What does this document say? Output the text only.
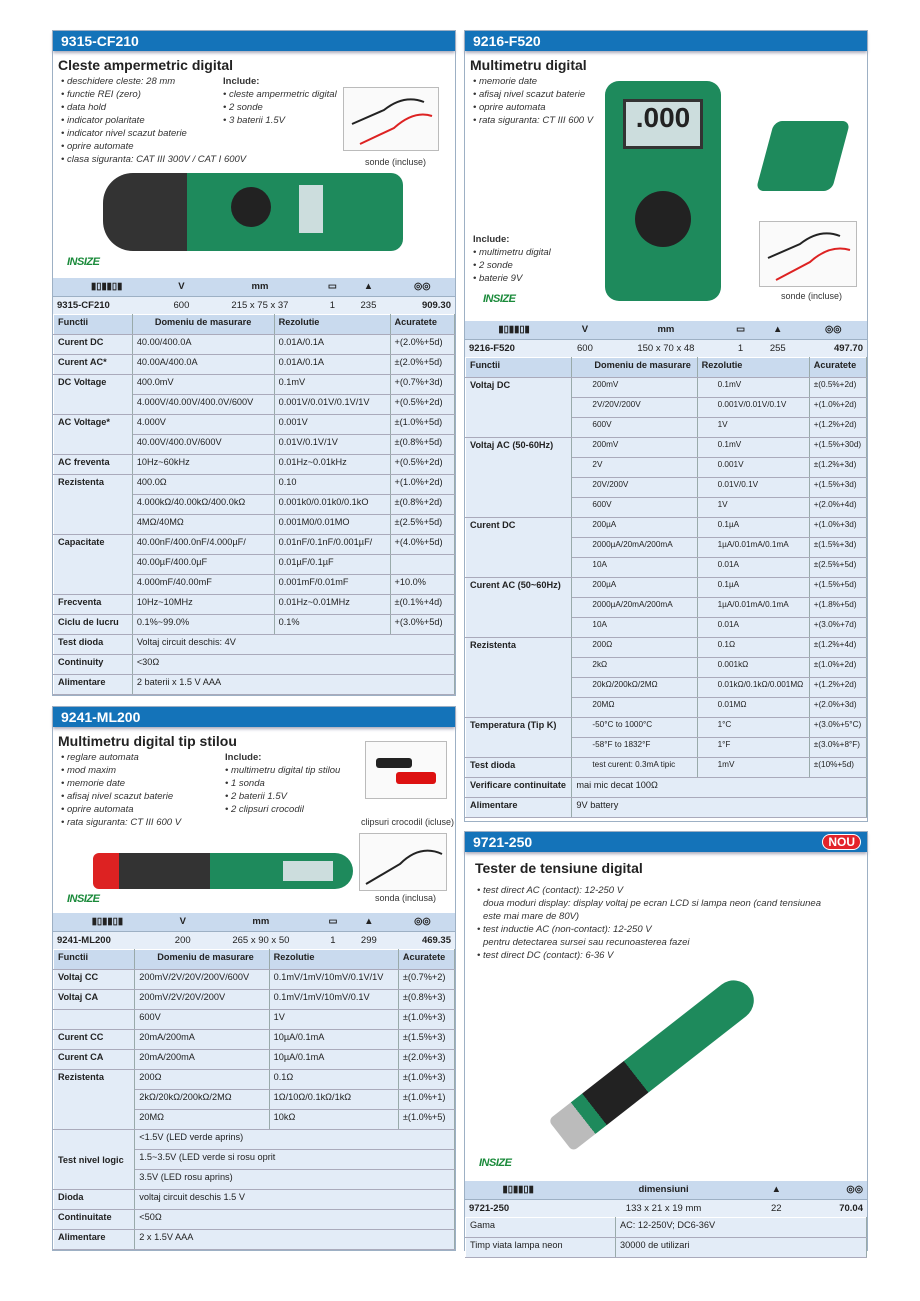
9315-CF210
Cleste ampermetric digital
• deschidere cleste: 28 mm
• functie REI (zero)
• data hold
• indicator polaritate
• indicator nivel scazut baterie
• oprire automate
• clasa siguranta: CAT III 300V / CAT I 600V
Include:
• cleste ampermetric digital
• 2 sonde
• 3 baterii 1.5V
sonde (incluse)
INSIZE
▮▯▮▮▯▮	V	mm	▭	▲	◎◎
9315-CF210	600	215 x 75 x 37	1	235	909.30
Functii	Domeniu de masurare	Rezolutie	Acuratete
Curent DC	40.00/400.0A	0.01A/0.1A	+(2.0%+5d)
Curent AC*	40.00A/400.0A	0.01A/0.1A	±(2.0%+5d)
DC Voltage	400.0mV	0.1mV	+(0.7%+3d)
	4.000V/40.00V/400.0V/600V	0.001V/0.01V/0.1V/1V	+(0.5%+2d)
AC Voltage*	4.000V	0.001V	±(1.0%+5d)
	40.00V/400.0V/600V	0.01V/0.1V/1V	±(0.8%+5d)
AC freventa	10Hz~60kHz	0.01Hz~0.01kHz	+(0.5%+2d)
Rezistenta	400.0Ω	0.10	+(1.0%+2d)
	4.000kΩ/40.00kΩ/400.0kΩ	0.001k0/0.01k0/0.1kO	±(0.8%+2d)
	4MΩ/40MΩ	0.001M0/0.01MO	±(2.5%+5d)
Capacitate	40.00nF/400.0nF/4.000µF/	0.01nF/0.1nF/0.001µF/	+(4.0%+5d)
	40.00µF/400.0µF	0.01µF/0.1µF	
	4.000mF/40.00mF	0.001mF/0.01mF	+10.0%
Frecventa	10Hz~10MHz	0.01Hz~0.01MHz	±(0.1%+4d)
Ciclu de lucru	0.1%~99.0%	0.1%	+(3.0%+5d)
Test dioda	Voltaj circuit deschis: 4V		
Continuity	<30Ω		
Alimentare	2 baterii x 1.5 V AAA		
9241-ML200
Multimetru digital tip stilou
• reglare automata
• mod maxim
• memorie date
• afisaj nivel scazut baterie
• oprire automata
• rata siguranta: CT III 600 V
Include:
• multimetru digital tip stilou
• 1 sonda
• 2 baterii 1.5V
• 2 clipsuri crocodil
clipsuri crocodil (icluse)
sonda (inclusa)
INSIZE
▮▯▮▮▯▮	V	mm	▭	▲	◎◎
9241-ML200	200	265 x 90 x 50	1	299	469.35
Functii	Domeniu de masurare	Rezolutie	Acuratete
Voltaj CC	200mV/2V/20V/200V/600V	0.1mV/1mV/10mV/0.1V/1V	±(0.7%+2)
Voltaj CA	200mV/2V/20V/200V	0.1mV/1mV/10mV/0.1V	±(0.8%+3)
	600V	1V	±(1.0%+3)
Curent CC	20mA/200mA	10µA/0.1mA	±(1.5%+3)
Curent CA	20mA/200mA	10µA/0.1mA	±(2.0%+3)
Rezistenta	200Ω	0.1Ω	±(1.0%+3)
	2kΩ/20kΩ/200kΩ/2MΩ	1Ω/10Ω/0.1kΩ/1kΩ	±(1.0%+1)
	20MΩ	10kΩ	±(1.0%+5)
Test nivel logic	<1.5V (LED verde aprins)		
	1.5~3.5V (LED verde si rosu oprit		
	3.5V (LED rosu aprins)		
Dioda	voltaj circuit deschis 1.5 V		
Continuitate	<50Ω		
Alimentare	2 x 1.5V AAA		
9216-F520
Multimetru digital
• memorie date
• afisaj nivel scazut baterie
• oprire automata
• rata siguranta: CT III 600 V
Include:
• multimetru digital
• 2 sonde
• baterie 9V
.000
sonde (incluse)
INSIZE
▮▯▮▮▯▮	V	mm	▭	▲	◎◎
9216-F520	600	150 x 70 x 48	1	255	497.70
Functii	Domeniu de masurare	Rezolutie	Acuratete
Voltaj DC	200mV	0.1mV	±(0.5%+2d)
	2V/20V/200V	0.001V/0.01V/0.1V	+(1.0%+2d)
	600V	1V	+(1.2%+2d)
Voltaj AC (50-60Hz)	200mV	0.1mV	+(1.5%+30d)
	2V	0.001V	±(1.2%+3d)
	20V/200V	0.01V/0.1V	+(1.5%+3d)
	600V	1V	+(2.0%+4d)
Curent DC	200µA	0.1µA	+(1.0%+3d)
	2000µA/20mA/200mA	1µA/0.01mA/0.1mA	±(1.5%+3d)
	10A	0.01A	±(2.5%+5d)
Curent AC (50~60Hz)	200µA	0.1µA	+(1.5%+5d)
	2000µA/20mA/200mA	1µA/0.01mA/0.1mA	+(1.8%+5d)
	10A	0.01A	+(3.0%+7d)
Rezistenta	200Ω	0.1Ω	±(1.2%+4d)
	2kΩ	0.001kΩ	±(1.0%+2d)
	20kΩ/200kΩ/2MΩ	0.01kΩ/0.1kΩ/0.001MΩ	+(1.2%+2d)
	20MΩ	0.01MΩ	+(2.0%+3d)
Temperatura (Tip K)	-50°C to 1000°C	1°C	+(3.0%+5°C)
	-58°F to 1832°F	1°F	±(3.0%+8°F)
Test dioda	test curent: 0.3mA tipic	1mV	±(10%+5d)
Verificare continuitate	mai mic decat 100Ω		
Alimentare	9V battery		
9721-250	NOU
Tester de tensiune digital
• test direct AC (contact): 12-250 V
doua moduri display: display voltaj pe ecran LCD si lampa neon (cand tensiunea este mai mare de 80V)
• test inductie AC (non-contact): 12-250 V
pentru detectarea sursei sau recunoasterea fazei
• test direct DC (contact): 6-36 V
INSIZE
▮▯▮▮▯▮	dimensiuni	▲	◎◎
9721-250	133 x 21 x 19 mm	22	70.04
Gama	AC: 12-250V; DC6-36V
Timp viata lampa neon	30000 de utilizari
